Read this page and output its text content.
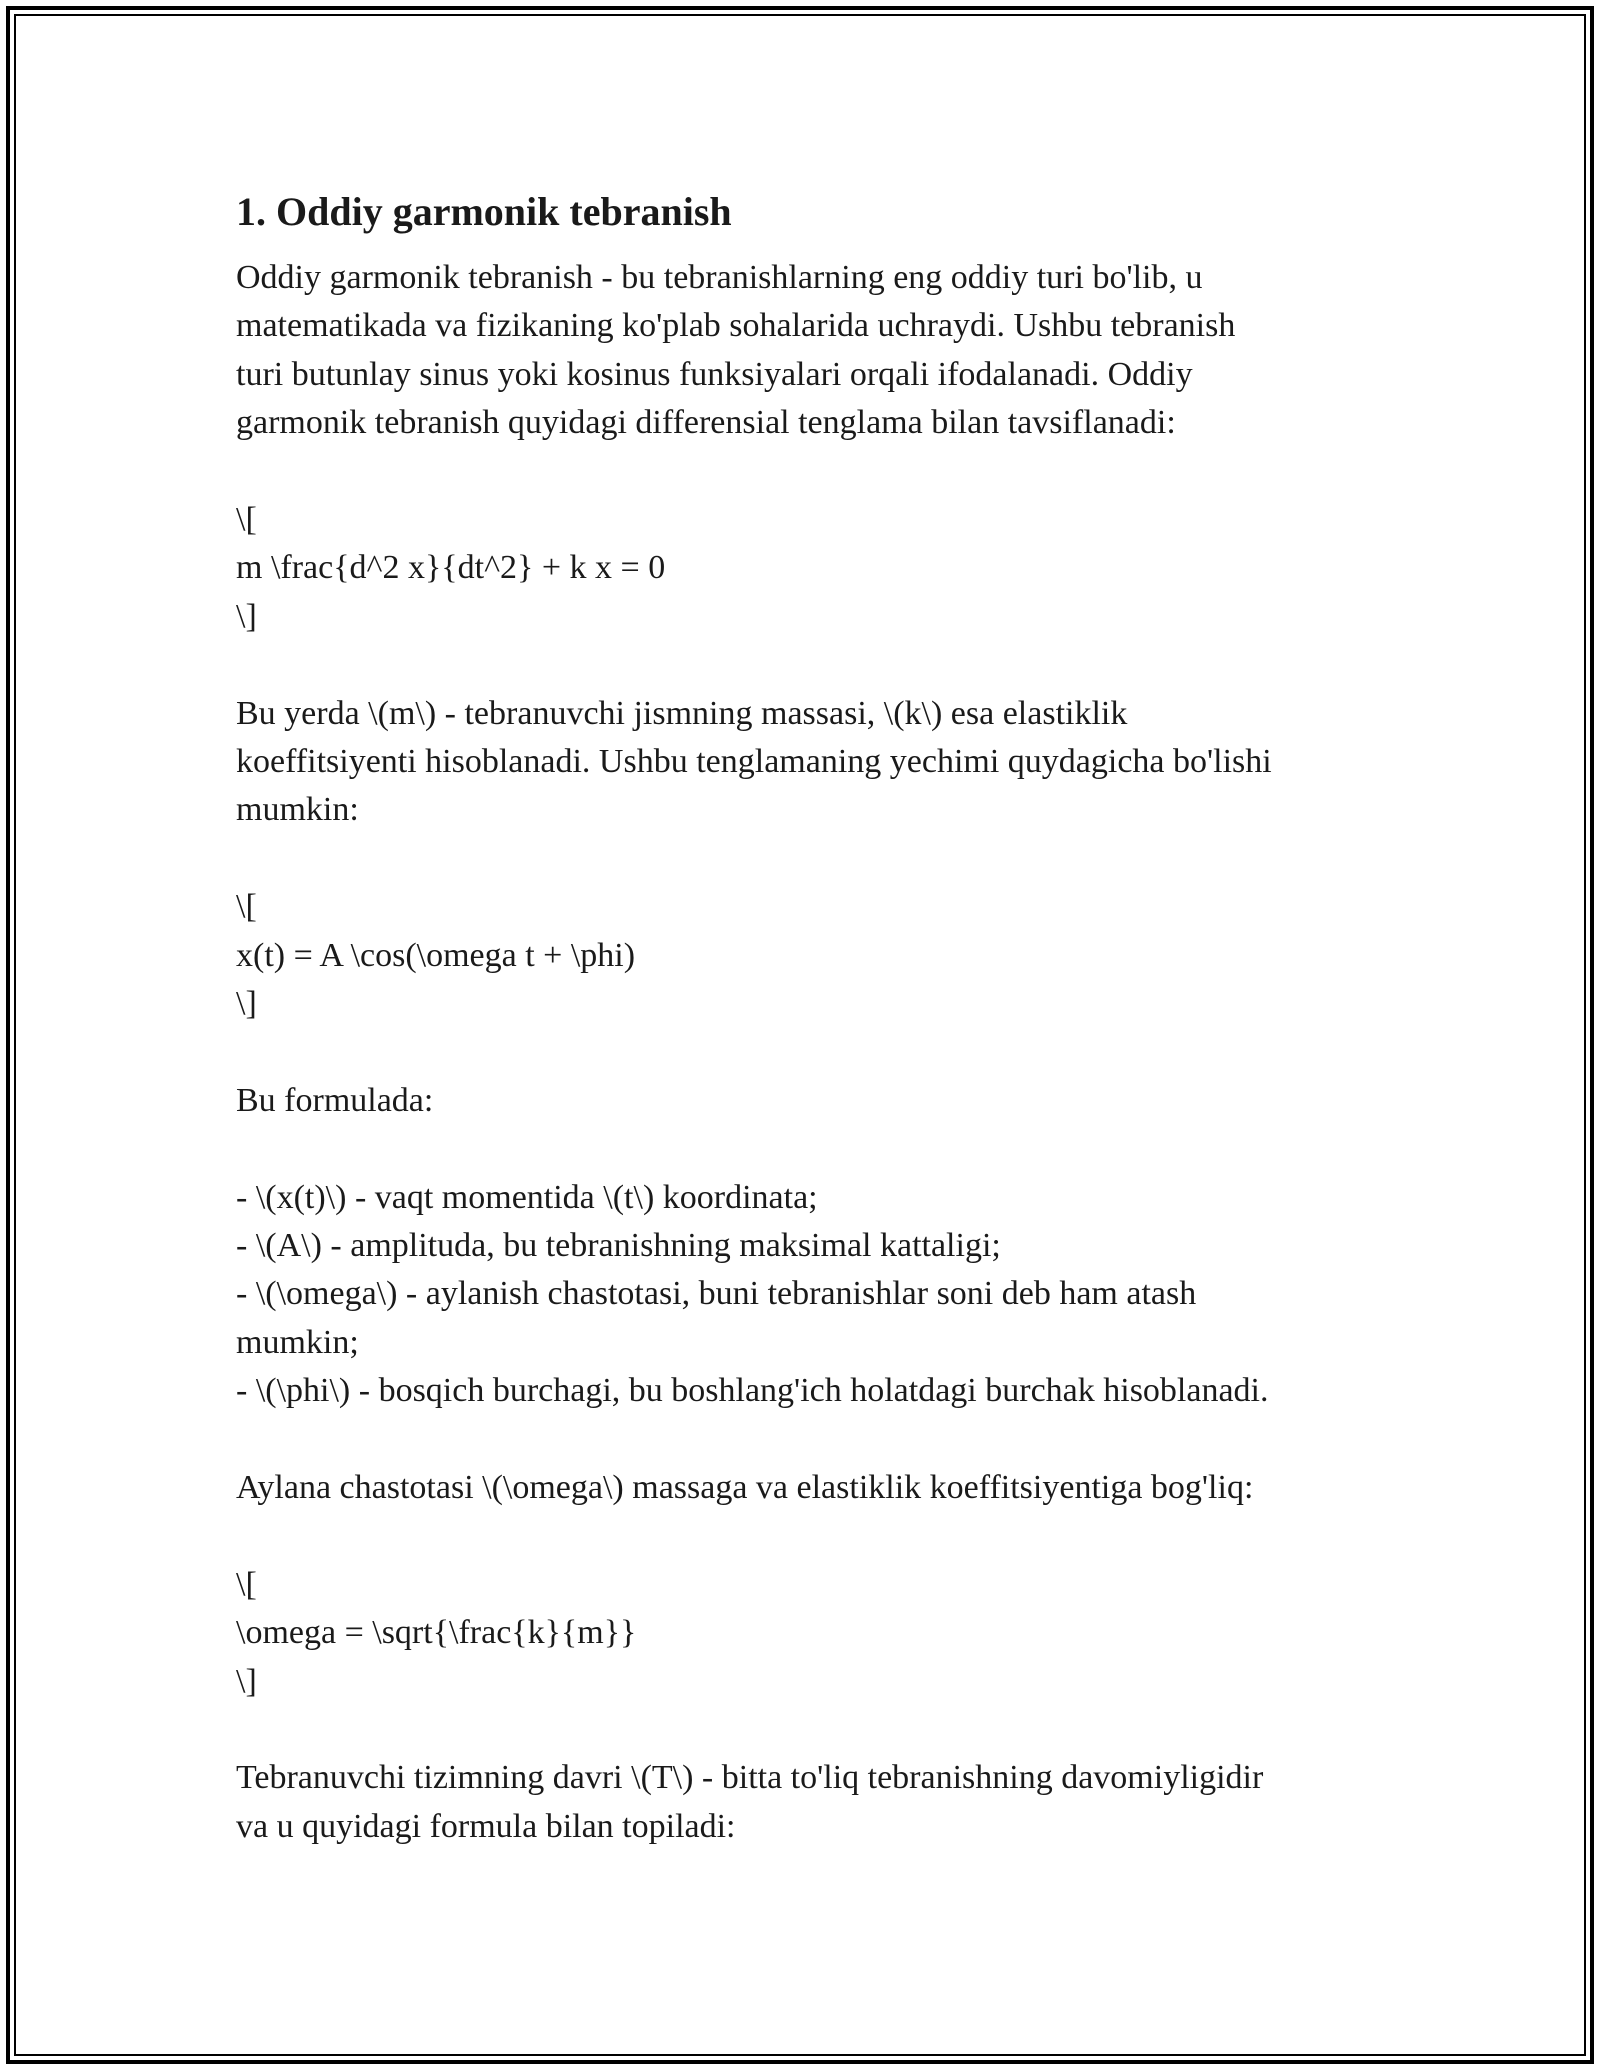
1. Oddiy garmonik tebranish

Oddiy garmonik tebranish - bu tebranishlarning eng oddiy turi bo'lib, u

matematikada va fizikaning ko'plab sohalarida uchraydi. Ushbu tebranish

turi butunlay sinus yoki kosinus funksiyalari orqali ifodalanadi. Oddiy

garmonik tebranish quyidagi differensial tenglama bilan tavsiflanadi:

\[

m \frac{d^2 x}{dt^2} + k x = 0

\]

Bu yerda \(m\) - tebranuvchi jismning massasi, \(k\) esa elastiklik

koeffitsiyenti hisoblanadi. Ushbu tenglamaning yechimi quydagicha bo'lishi

mumkin:

\[

x(t) = A \cos(\omega t + \phi)

\]

Bu formulada:

- \(x(t)\) - vaqt momentida \(t\) koordinata;

- \(A\) - amplituda, bu tebranishning maksimal kattaligi;

- \(\omega\) - aylanish chastotasi, buni tebranishlar soni deb ham atash

mumkin;

- \(\phi\) - bosqich burchagi, bu boshlang'ich holatdagi burchak hisoblanadi.

Aylana chastotasi \(\omega\) massaga va elastiklik koeffitsiyentiga bog'liq:

\[

\omega = \sqrt{\frac{k}{m}}

\]

Tebranuvchi tizimning davri \(T\) - bitta to'liq tebranishning davomiyligidir

va u quyidagi formula bilan topiladi:
